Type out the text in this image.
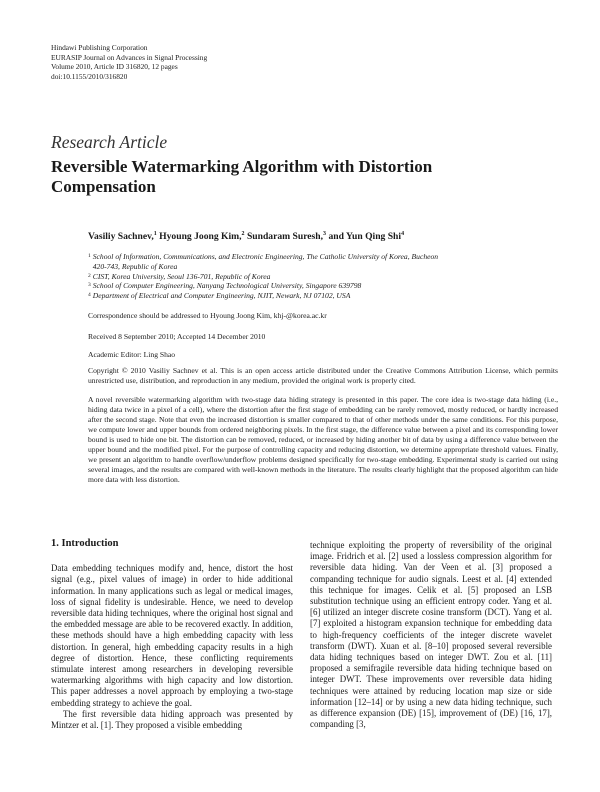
Hindawi Publishing Corporation
EURASIP Journal on Advances in Signal Processing
Volume 2010, Article ID 316820, 12 pages
doi:10.1155/2010/316820
Research Article
Reversible Watermarking Algorithm with Distortion Compensation
Vasiliy Sachnev,$^1$ Hyoung Joong Kim,$^2$ Sundaram Suresh,$^3$ and Yun Qing Shi$^4$
1 School of Information, Communications, and Electronic Engineering, The Catholic University of Korea, Bucheon 420-743, Republic of Korea
2 CIST, Korea University, Seoul 136-701, Republic of Korea
3 School of Computer Engineering, Nanyang Technological University, Singapore 639798
4 Department of Electrical and Computer Engineering, NJIT, Newark, NJ 07102, USA
Correspondence should be addressed to Hyoung Joong Kim, khj-@korea.ac.kr
Received 8 September 2010; Accepted 14 December 2010
Academic Editor: Ling Shao
Copyright © 2010 Vasiliy Sachnev et al. This is an open access article distributed under the Creative Commons Attribution License, which permits unrestricted use, distribution, and reproduction in any medium, provided the original work is properly cited.
A novel reversible watermarking algorithm with two-stage data hiding strategy is presented in this paper. The core idea is two-stage data hiding (i.e., hiding data twice in a pixel of a cell), where the distortion after the first stage of embedding can be rarely removed, mostly reduced, or hardly increased after the second stage. Note that even the increased distortion is smaller compared to that of other methods under the same conditions. For this purpose, we compute lower and upper bounds from ordered neighboring pixels. In the first stage, the difference value between a pixel and its corresponding lower bound is used to hide one bit. The distortion can be removed, reduced, or increased by hiding another bit of data by using a difference value between the upper bound and the modified pixel. For the purpose of controlling capacity and reducing distortion, we determine appropriate threshold values. Finally, we present an algorithm to handle overflow/underflow problems designed specifically for two-stage embedding. Experimental study is carried out using several images, and the results are compared with well-known methods in the literature. The results clearly highlight that the proposed algorithm can hide more data with less distortion.
1. Introduction

Data embedding techniques modify and, hence, distort the host signal (e.g., pixel values of image) in order to hide additional information. In many applications such as legal or medical images, loss of signal fidelity is undesirable. Hence, we need to develop reversible data hiding techniques, where the original host signal and the embedded message are able to be recovered exactly. In addition, these methods should have a high embedding capacity with less distortion. In general, high embedding capacity results in a high degree of distortion. Hence, these conflicting requirements stimulate interest among researchers in developing reversible watermarking algorithms with high capacity and low distortion. This paper addresses a novel approach by employing a two-stage embedding strategy to achieve the goal.

The first reversible data hiding approach was presented by Mintzer et al. [1]. They proposed a visible embedding

technique exploiting the property of reversibility of the original image. Fridrich et al. [2] used a lossless compression algorithm for reversible data hiding. Van der Veen et al. [3] proposed a companding technique for audio signals. Leest et al. [4] extended this technique for images. Celik et al. [5] proposed an LSB substitution technique using an efficient entropy coder. Yang et al. [6] utilized an integer discrete cosine transform (DCT). Yang et al. [7] exploited a histogram expansion technique for embedding data to high-frequency coefficients of the integer discrete wavelet transform (DWT). Xuan et al. [8–10] proposed several reversible data hiding techniques based on integer DWT. Zou et al. [11] proposed a semifragile reversible data hiding technique based on integer DWT. These improvements over reversible data hiding techniques were attained by reducing location map size or side information [12–14] or by using a new data hiding technique, such as difference expansion (DE) [15], improvement of (DE) [16, 17], companding [3,
